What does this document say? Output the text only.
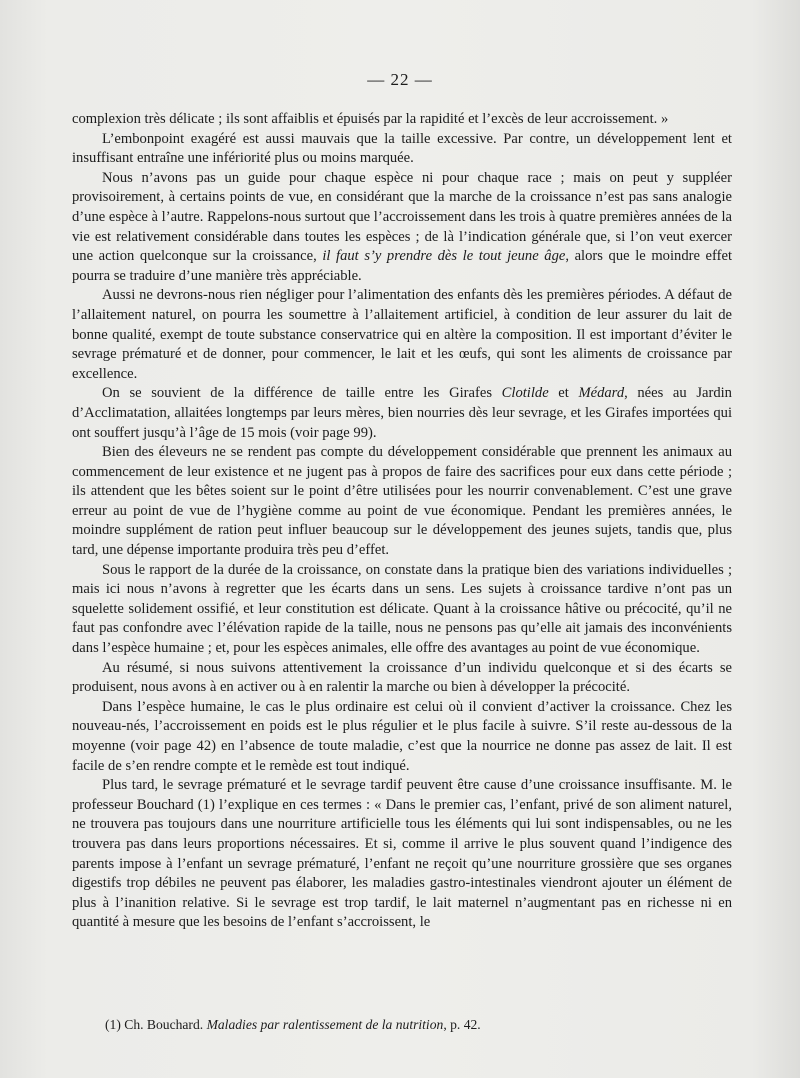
— 22 —

complexion très délicate ; ils sont affaiblis et épuisés par la rapidité et l’excès de leur accroissement. »

L’embonpoint exagéré est aussi mauvais que la taille excessive. Par contre, un développement lent et insuffisant entraîne une infériorité plus ou moins marquée.

Nous n’avons pas un guide pour chaque espèce ni pour chaque race ; mais on peut y suppléer provisoirement, à certains points de vue, en considérant que la marche de la croissance n’est pas sans analogie d’une espèce à l’autre. Rappelons-nous surtout que l’accroissement dans les trois à quatre premières années de la vie est relativement considérable dans toutes les espèces ; de là l’indication générale que, si l’on veut exercer une action quelconque sur la croissance, il faut s’y prendre dès le tout jeune âge, alors que le moindre effet pourra se traduire d’une manière très appréciable.

Aussi ne devrons-nous rien négliger pour l’alimentation des enfants dès les premières périodes. A défaut de l’allaitement naturel, on pourra les soumettre à l’allaitement artificiel, à condition de leur assurer du lait de bonne qualité, exempt de toute substance conservatrice qui en altère la composition. Il est important d’éviter le sevrage prématuré et de donner, pour commencer, le lait et les œufs, qui sont les aliments de croissance par excellence.

On se souvient de la différence de taille entre les Girafes Clotilde et Médard, nées au Jardin d’Acclimatation, allaitées longtemps par leurs mères, bien nourries dès leur sevrage, et les Girafes importées qui ont souffert jusqu’à l’âge de 15 mois (voir page 99).

Bien des éleveurs ne se rendent pas compte du développement considérable que prennent les animaux au commencement de leur existence et ne jugent pas à propos de faire des sacrifices pour eux dans cette période ; ils attendent que les bêtes soient sur le point d’être utilisées pour les nourrir convenablement. C’est une grave erreur au point de vue de l’hygiène comme au point de vue économique. Pendant les premières années, le moindre supplément de ration peut influer beaucoup sur le développement des jeunes sujets, tandis que, plus tard, une dépense importante produira très peu d’effet.

Sous le rapport de la durée de la croissance, on constate dans la pratique bien des variations individuelles ; mais ici nous n’avons à regretter que les écarts dans un sens. Les sujets à croissance tardive n’ont pas un squelette solidement ossifié, et leur constitution est délicate. Quant à la croissance hâtive ou précocité, qu’il ne faut pas confondre avec l’élévation rapide de la taille, nous ne pensons pas qu’elle ait jamais des inconvénients dans l’espèce humaine ; et, pour les espèces animales, elle offre des avantages au point de vue économique.

Au résumé, si nous suivons attentivement la croissance d’un individu quelconque et si des écarts se produisent, nous avons à en activer ou à en ralentir la marche ou bien à développer la précocité.

Dans l’espèce humaine, le cas le plus ordinaire est celui où il convient d’activer la croissance. Chez les nouveau-nés, l’accroissement en poids est le plus régulier et le plus facile à suivre. S’il reste au-dessous de la moyenne (voir page 42) en l’absence de toute maladie, c’est que la nourrice ne donne pas assez de lait. Il est facile de s’en rendre compte et le remède est tout indiqué.

Plus tard, le sevrage prématuré et le sevrage tardif peuvent être cause d’une croissance insuffisante. M. le professeur Bouchard (1) l’explique en ces termes : « Dans le premier cas, l’enfant, privé de son aliment naturel, ne trouvera pas toujours dans une nourriture artificielle tous les éléments qui lui sont indispensables, ou ne les trouvera pas dans leurs proportions nécessaires. Et si, comme il arrive le plus souvent quand l’indigence des parents impose à l’enfant un sevrage prématuré, l’enfant ne reçoit qu’une nourriture grossière que ses organes digestifs trop débiles ne peuvent pas élaborer, les maladies gastro-intestinales viendront ajouter un élément de plus à l’inanition relative. Si le sevrage est trop tardif, le lait maternel n’augmentant pas en richesse ni en quantité à mesure que les besoins de l’enfant s’accroissent, le

(1) Ch. Bouchard. Maladies par ralentissement de la nutrition, p. 42.
